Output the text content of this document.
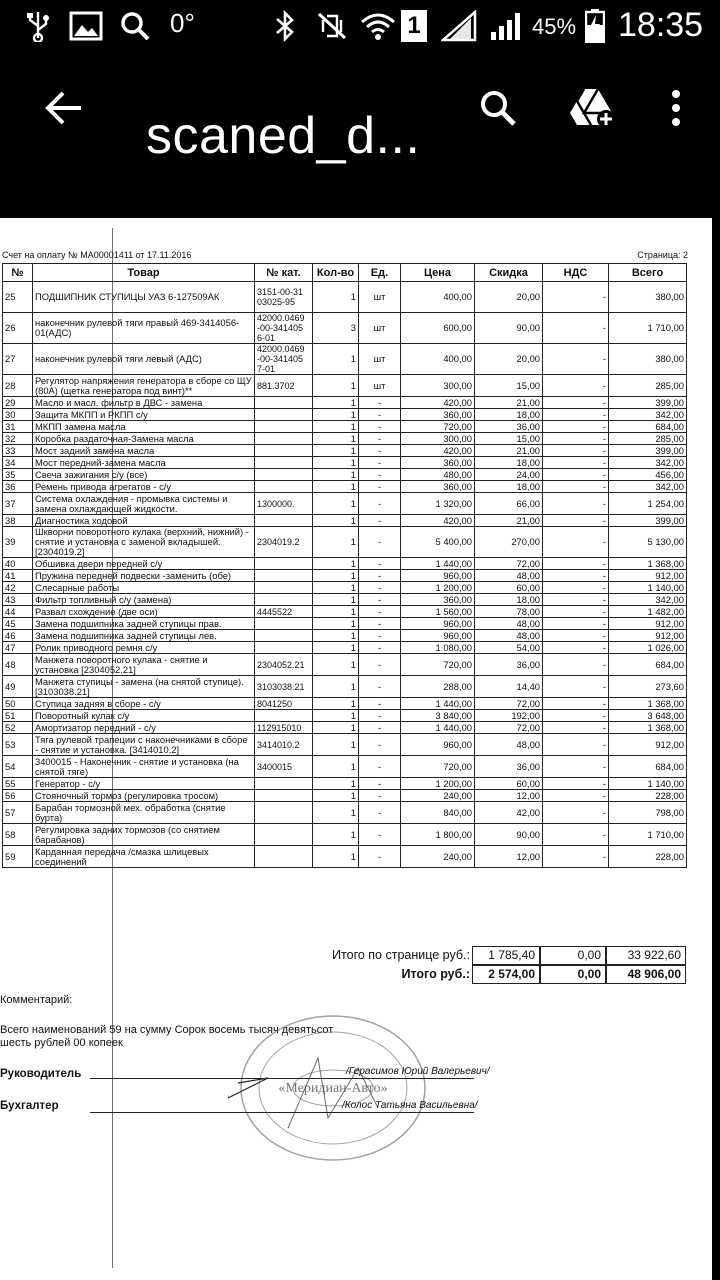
0°	1	45% 18:35
scaned_d...
Счет на оплату № МА00001411 от 17.11.2016	Страница: 2
№	Товар	№ кат.	Кол-во	Ед.	Цена	Скидка	НДС	Всего
25	ПОДШИПНИК СТУПИЦЫ УАЗ 6-127509АК	3151-00-31 03025-95	1	шт	400,00	20,00	-	380,00
26	наконечник рулевой тяги правый 469-3414056-01(АДС)	42000.0469 -00-341405 6-01	3	шт	600,00	90,00	-	1 710,00
27	наконечник рулевой тяги левый (АДС)	42000.0469 -00-341405 7-01	1	шт	400,00	20,00	-	380,00
28	Регулятор напряжения генератора в сборе со ЩУ (80А) (щетка генератора под винт)**	881.3702	1	шт	300,00	15,00	-	285,00
29	Масло и масл. фильтр в ДВС - замена		1	-	420,00	21,00	-	399,00
30	Защита МКПП и РКПП с/у		1	-	360,00	18,00	-	342,00
31	МКПП замена масла		1	-	720,00	36,00	-	684,00
32	Коробка раздаточная-Замена масла		1	-	300,00	15,00	-	285,00
33	Мост задний замена масла		1	-	420,00	21,00	-	399,00
34	Мост передний-замена масла		1	-	360,00	18,00	-	342,00
35	Свеча зажигания с/у (все)		1	-	480,00	24,00	-	456,00
36	Ремень привода агрегатов - с/у		1	-	360,00	18,00	-	342,00
37	Система охлаждения - промывка системы и замена охлаждающей жидкости.	1300000.	1	-	1 320,00	66,00	-	1 254,00
38	Диагностика ходовой		1	-	420,00	21,00	-	399,00
39	Шкворни поворотного кулака (верхний, нижний) - снятие и установка с заменой вкладышей. [2304019.2]	2304019.2	1	-	5 400,00	270,00	-	5 130,00
40	Обшивка двери передней с/у		1	-	1 440,00	72,00	-	1 368,00
41	Пружина передней подвески -заменить (обе)		1	-	960,00	48,00	-	912,00
42	Слесарные работы		1	-	1 200,00	60,00	-	1 140,00
43	Фильтр топливный с/у (замена)		1	-	360,00	18,00	-	342,00
44	Развал схождение (две оси)	4445522	1	-	1 560,00	78,00	-	1 482,00
45	Замена подшипника задней ступицы прав.		1	-	960,00	48,00	-	912,00
46	Замена подшипника задней ступицы лев.		1	-	960,00	48,00	-	912,00
47	Ролик приводного ремня с/у		1	-	1 080,00	54,00	-	1 026,00
48	Манжета поворотного кулака - снятие и установка [2304052.21]	2304052.21	1	-	720,00	36,00	-	684,00
49	Манжета ступицы - замена (на снятой ступице). [3103038.21]	3103038.21	1	-	288,00	14,40	-	273,60
50	Ступица задняя в сборе - с/у	8041250	1	-	1 440,00	72,00	-	1 368,00
51	Поворотный кулак с/у		1	-	3 840,00	192,00	-	3 648,00
52	Амортизатор передний - с/у	112915010	1	-	1 440,00	72,00	-	1 368,00
53	Тяга рулевой трапеции с наконечниками в сборе - снятие и установка. [3414010.2]	3414010.2	1	-	960,00	48,00	-	912,00
54	3400015 - Наконечник - снятие и установка (на снятой тяге)	3400015	1	-	720,00	36,00	-	684,00
55	Генератор - с/у		1	-	1 200,00	60,00	-	1 140,00
56	Стояночный тормоз (регулировка тросом)		1	-	240,00	12,00	-	228,00
57	Барабан тормозной мех. обработка (снятие бурта)		1	-	840,00	42,00	-	798,00
58	Регулировка задних тормозов (со снятием барабанов)		1	-	1 800,00	90,00	-	1 710,00
59	Карданная передача /смазка шлицевых соединений		1	-	240,00	12,00	-	228,00
Итого по странице руб.:	1 785,40	0,00	33 922,60
Итого руб.:	2 574,00	0,00	48 906,00
Комментарий:
Всего наименований 59 на сумму Сорок восемь тысяч девятьсот
шесть рублей 00 копеек
«Меридиан-Авто»
Руководитель	/Герасимов Юрий Валерьевич/
Бухгалтер	/Колос Татьяна Васильевна/
